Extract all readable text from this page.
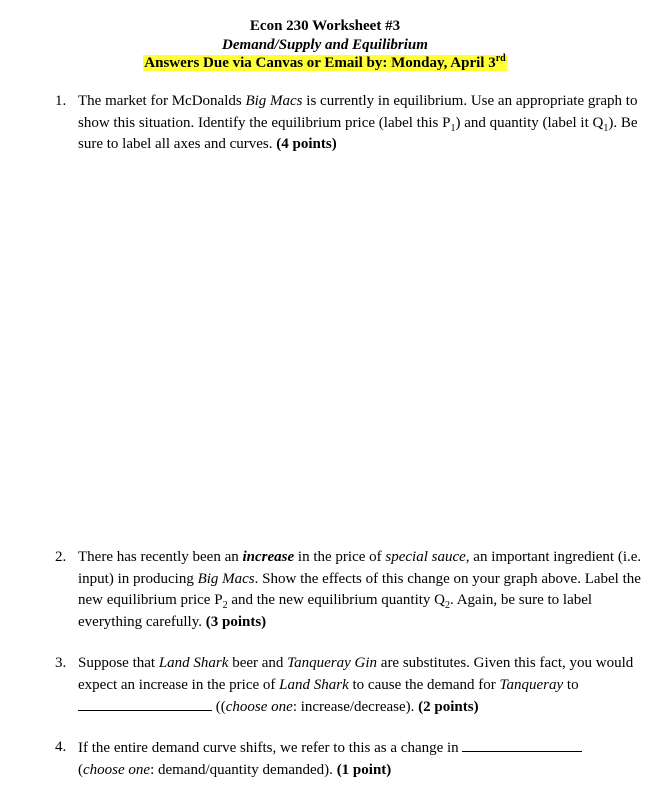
Econ 230 Worksheet #3
Demand/Supply and Equilibrium
Answers Due via Canvas or Email by: Monday, April 3rd
1. The market for McDonalds Big Macs is currently in equilibrium. Use an appropriate graph to show this situation. Identify the equilibrium price (label this $P_1$) and quantity (label it $Q_1$). Be sure to label all axes and curves. (4 points)
2. There has recently been an increase in the price of special sauce, an important ingredient (i.e. input) in producing Big Macs. Show the effects of this change on your graph above. Label the new equilibrium price $P_2$ and the new equilibrium quantity $Q_2$. Again, be sure to label everything carefully. (3 points)
3. Suppose that Land Shark beer and Tanqueray Gin are substitutes. Given this fact, you would expect an increase in the price of Land Shark to cause the demand for Tanqueray to  ((choose one: increase/decrease). (2 points)
4. If the entire demand curve shifts, we refer to this as a change in
(choose one: demand/quantity demanded). (1 point)
